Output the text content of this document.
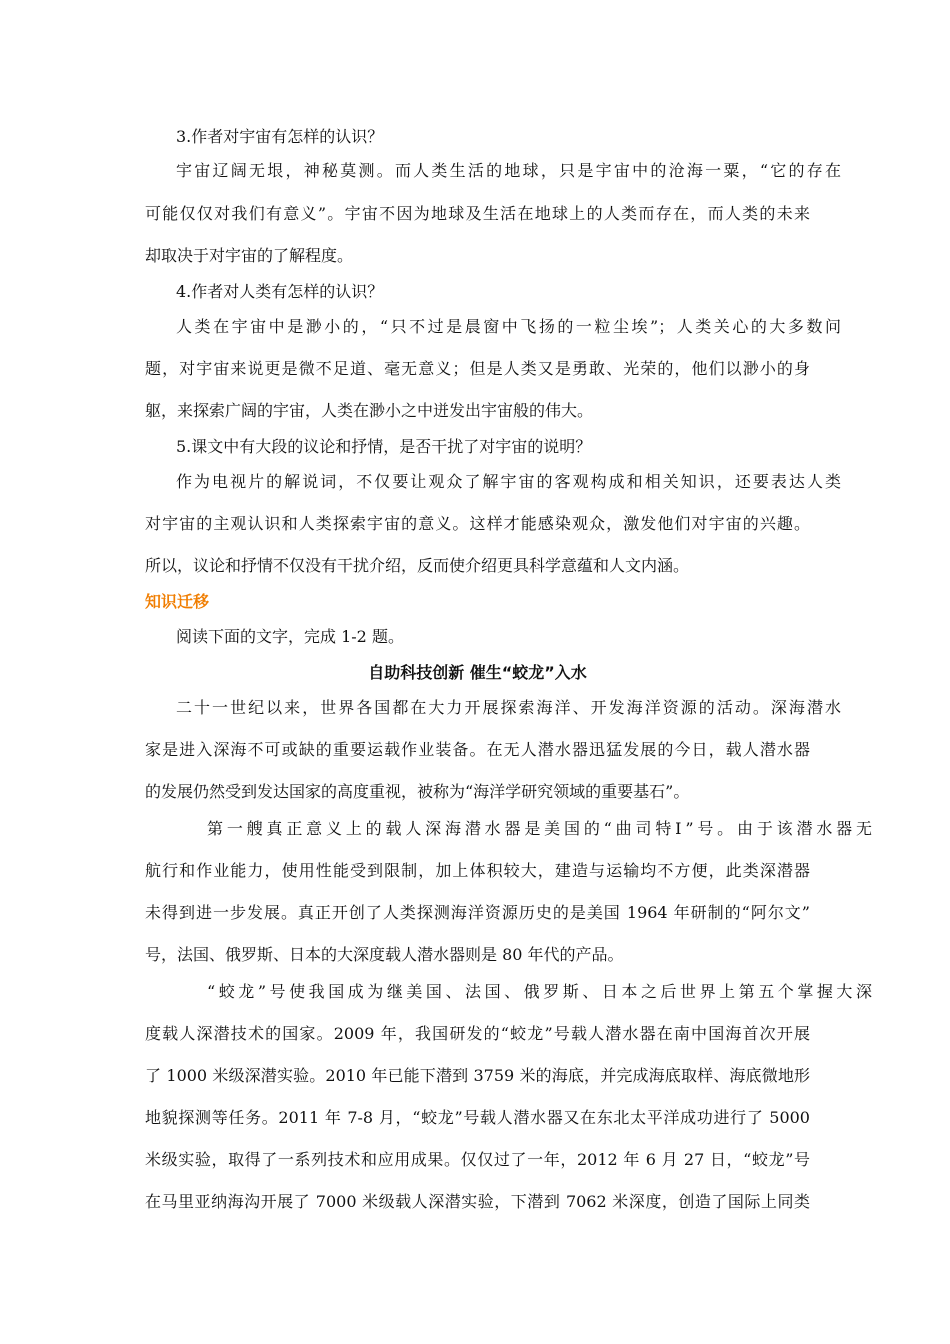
3.作者对宇宙有怎样的认识？
宇宙辽阔无垠，神秘莫测。而人类生活的地球，只是宇宙中的沧海一粟，“它的存在
可能仅仅对我们有意义”。宇宙不因为地球及生活在地球上的人类而存在，而人类的未来
却取决于对宇宙的了解程度。
4.作者对人类有怎样的认识？
人类在宇宙中是渺小的，“只不过是晨窗中飞扬的一粒尘埃”；人类关心的大多数问
题，对宇宙来说更是微不足道、毫无意义；但是人类又是勇敢、光荣的，他们以渺小的身
躯，来探索广阔的宇宙，人类在渺小之中迸发出宇宙般的伟大。
5.课文中有大段的议论和抒情，是否干扰了对宇宙的说明？
作为电视片的解说词，不仅要让观众了解宇宙的客观构成和相关知识，还要表达人类
对宇宙的主观认识和人类探索宇宙的意义。这样才能感染观众，激发他们对宇宙的兴趣。
所以，议论和抒情不仅没有干扰介绍，反而使介绍更具科学意蕴和人文内涵。
知识迁移
阅读下面的文字，完成 1-2 题。
自助科技创新 催生“蛟龙”入水
二十一世纪以来，世界各国都在大力开展探索海洋、开发海洋资源的活动。深海潜水
家是进入深海不可或缺的重要运载作业装备。在无人潜水器迅猛发展的今日，载人潜水器
的发展仍然受到发达国家的高度重视，被称为“海洋学研究领域的重要基石”。
第一艘真正意义上的载人深海潜水器是美国的“曲司特Ⅰ”号。由于该潜水器无
航行和作业能力，使用性能受到限制，加上体积较大，建造与运输均不方便，此类深潜器
未得到进一步发展。真正开创了人类探测海洋资源历史的是美国 1964 年研制的“阿尔文”
号，法国、俄罗斯、日本的大深度载人潜水器则是 80 年代的产品。
“蛟龙”号使我国成为继美国、法国、俄罗斯、日本之后世界上第五个掌握大深
度载人深潜技术的国家。2009 年，我国研发的“蛟龙”号载人潜水器在南中国海首次开展
了 1000 米级深潜实验。2010 年已能下潜到 3759 米的海底，并完成海底取样、海底微地形
地貌探测等任务。2011 年 7-8 月，“蛟龙”号载人潜水器又在东北太平洋成功进行了 5000
米级实验，取得了一系列技术和应用成果。仅仅过了一年，2012 年 6 月 27 日，“蛟龙”号
在马里亚纳海沟开展了 7000 米级载人深潜实验，下潜到 7062 米深度，创造了国际上同类
